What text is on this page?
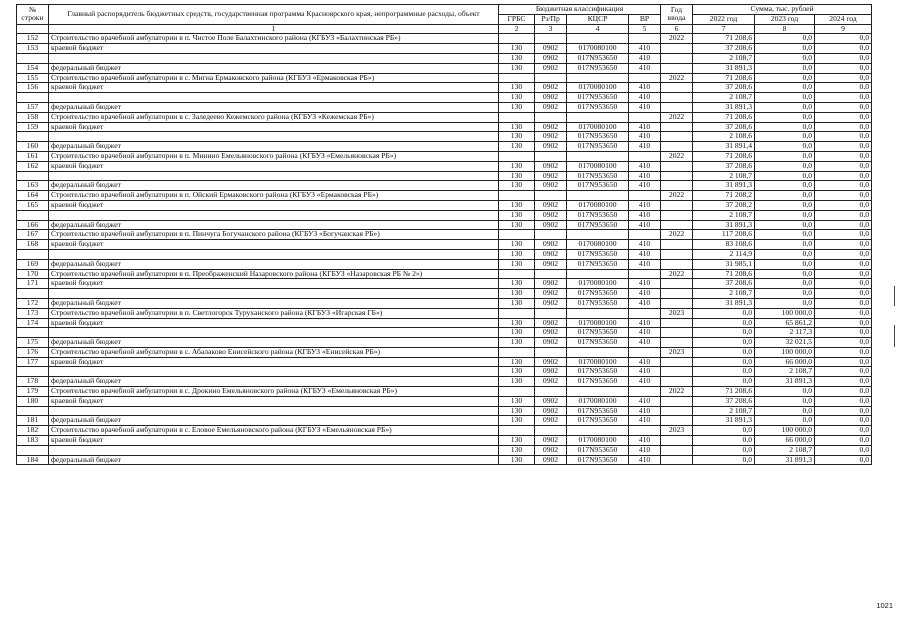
№ строки	Главный распорядитель бюджетных средств, государственная программа Красноярского края, непрограммные расходы, объект	Бюджетная классификация				Год ввода	Сумма, тыс. рублей		
		ГРБС	Рз/Пр	КЦСР	ВР		2022 год	2023 год	2024 год
	1	2	3	4	5	6	7	8	9
152	Строительство врачебной амбулатории в п. Чистое Поле Балахтинского района (КГБУЗ «Балахтинская РБ»)					2022	71 208,6	0,0	0,0
153	краевой бюджет	130	0902	0170080100	410		37 208,6	0,0	0,0
		130	0902	017N953650	410		2 108,7	0,0	0,0
154	федеральный бюджет	130	0902	017N953650	410		31 891,3	0,0	0,0
155	Строительство врачебной амбулатории в с. Мигна Ермаковского района (КГБУЗ «Ермаковская РБ»)					2022	71 208,6	0,0	0,0
156	краевой бюджет	130	0902	0170080100	410		37 208,6	0,0	0,0
		130	0902	017N953650	410		2 108,7	0,0	0,0
157	федеральный бюджет	130	0902	017N953650	410		31 891,3	0,0	0,0
158	Строительство врачебной амбулатории в с. Заледеево Кежемского района (КГБУЗ «Кежемская РБ»)					2022	71 208,6	0,0	0,0
159	краевой бюджет	130	0902	0170080100	410		37 208,6	0,0	0,0
		130	0902	017N953650	410		2 108,6	0,0	0,0
160	федеральный бюджет	130	0902	017N953650	410		31 891,4	0,0	0,0
161	Строительство врачебной амбулатории в п. Минино Емельяновского района (КГБУЗ «Емельяновская РБ»)					2022	71 208,6	0,0	0,0
162	краевой бюджет	130	0902	0170080100	410		37 208,6	0,0	0,0
		130	0902	017N953650	410		2 108,7	0,0	0,0
163	федеральный бюджет	130	0902	017N953650	410		31 891,3	0,0	0,0
164	Строительство врачебной амбулатории в п. Ойский Ермаковского района (КГБУЗ «Ермаковская РБ»)					2022	71 208,2	0,0	0,0
165	краевой бюджет	130	0902	0170080100	410		37 208,2	0,0	0,0
		130	0902	017N953650	410		2 108,7	0,0	0,0
166	федеральный бюджет	130	0902	017N953650	410		31 891,3	0,0	0,0
167	Строительство врачебной амбулатории в п. Пинчуга Богучанского района (КГБУЗ «Богучанская РБ»)					2022	117 208,6	0,0	0,0
168	краевой бюджет	130	0902	0170080100	410		83 108,6	0,0	0,0
		130	0902	017N953650	410		2 114,9	0,0	0,0
169	федеральный бюджет	130	0902	017N953650	410		31 985,1	0,0	0,0
170	Строительство врачебной амбулатории в п. Преображенский Назаровского района (КГБУЗ «Назаровская РБ № 2»)					2022	71 208,6	0,0	0,0
171	краевой бюджет	130	0902	0170080100	410		37 208,6	0,0	0,0
		130	0902	017N953650	410		2 108,7	0,0	0,0
172	федеральный бюджет	130	0902	017N953650	410		31 891,3	0,0	0,0
173	Строительство врачебной амбулатории в п. Светлогорск Туруханского района (КГБУЗ «Игарская ГБ»)					2023	0,0	100 000,0	0,0
174	краевой бюджет	130	0902	0170080100	410		0,0	65 861,2	0,0
		130	0902	017N953650	410		0,0	2 117,3	0,0
175	федеральный бюджет	130	0902	017N953650	410		0,0	32 021,5	0,0
176	Строительство врачебной амбулатории в с. Абалаково Енисейского района (КГБУЗ «Енисейская РБ»)					2023	0,0	100 000,0	0,0
177	краевой бюджет	130	0902	0170080100	410		0,0	66 000,0	0,0
		130	0902	017N953650	410		0,0	2 108,7	0,0
178	федеральный бюджет	130	0902	017N953650	410		0,0	31 891,3	0,0
179	Строительство врачебной амбулатории в с. Дрокино Емельяновского района (КГБУЗ «Емельяновская РБ»)					2022	71 208,6	0,0	0,0
180	краевой бюджет	130	0902	0170080100	410		37 208,6	0,0	0,0
		130	0902	017N953650	410		2 108,7	0,0	0,0
181	федеральный бюджет	130	0902	017N953650	410		31 891,3	0,0	0,0
182	Строительство врачебной амбулатории в с. Еловое Емельяновского района (КГБУЗ «Емельяновская РБ»)					2023	0,0	100 000,0	0,0
183	краевой бюджет	130	0902	0170080100	410		0,0	66 000,0	0,0
		130	0902	017N953650	410		0,0	2 108,7	0,0
184	федеральный бюджет	130	0902	017N953650	410		0,0	31 891,3	0,0
1021
